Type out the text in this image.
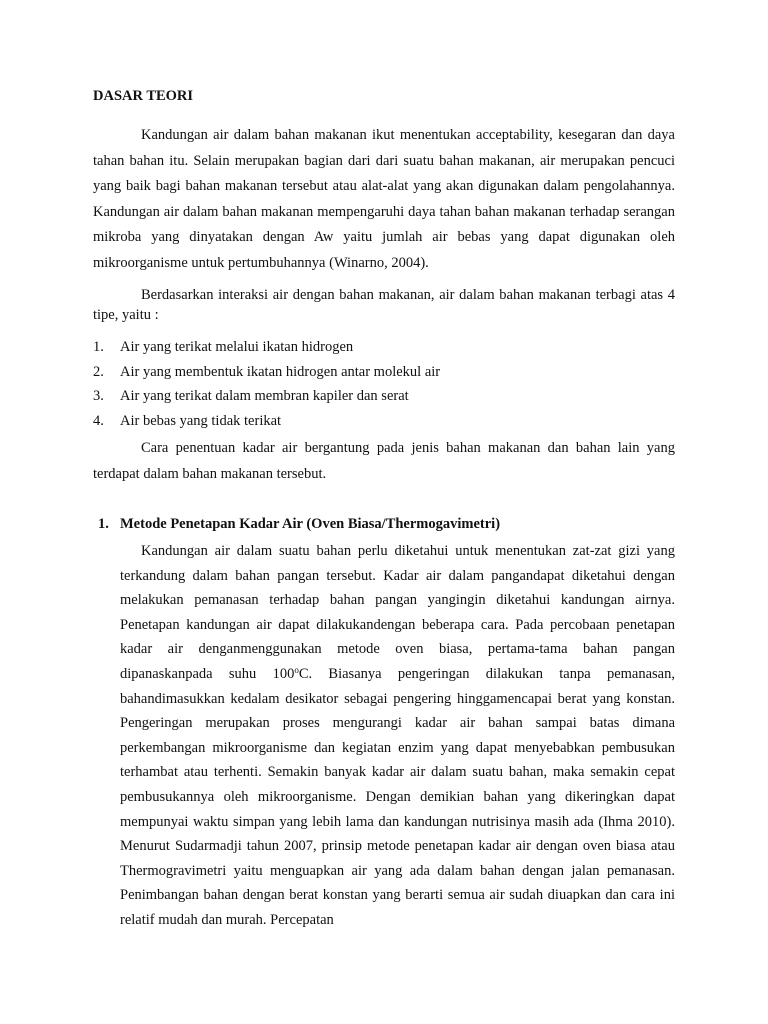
DASAR TEORI

Kandungan air dalam bahan makanan ikut menentukan acceptability, kesegaran dan daya tahan bahan itu. Selain merupakan bagian dari dari suatu bahan makanan, air merupakan pencuci yang baik bagi bahan makanan tersebut atau alat-alat yang akan digunakan dalam pengolahannya. Kandungan air dalam bahan makanan mempengaruhi daya tahan bahan makanan terhadap serangan mikroba yang dinyatakan dengan Aw yaitu jumlah air bebas yang dapat digunakan oleh mikroorganisme untuk pertumbuhannya (Winarno, 2004).

Berdasarkan interaksi air dengan bahan makanan, air dalam bahan makanan terbagi atas 4 tipe, yaitu :

1. Air yang terikat melalui ikatan hidrogen
2. Air yang membentuk ikatan hidrogen antar molekul air
3. Air yang terikat dalam membran kapiler dan serat
4. Air bebas yang tidak terikat

Cara penentuan kadar air bergantung pada jenis bahan makanan dan bahan lain yang terdapat dalam bahan makanan tersebut.

1. Metode Penetapan Kadar Air (Oven Biasa/Thermogavimetri)

Kandungan air dalam suatu bahan perlu diketahui untuk menentukan zat-zat gizi yang terkandung dalam bahan pangan tersebut. Kadar air dalam pangandapat diketahui dengan melakukan pemanasan terhadap bahan pangan yangingin diketahui kandungan airnya. Penetapan kandungan air dapat dilakukandengan beberapa cara. Pada percobaan penetapan kadar air denganmenggunakan metode oven biasa, pertama-tama bahan pangan dipanaskanpada suhu 100$^o$C. Biasanya pengeringan dilakukan tanpa pemanasan, bahandimasukkan kedalam desikator sebagai pengering hinggamencapai berat yang konstan. Pengeringan merupakan proses mengurangi kadar air bahan sampai batas dimana perkembangan mikroorganisme dan kegiatan enzim yang dapat menyebabkan pembusukan terhambat atau terhenti. Semakin banyak kadar air dalam suatu bahan, maka semakin cepat pembusukannya oleh mikroorganisme. Dengan demikian bahan yang dikeringkan dapat mempunyai waktu simpan yang lebih lama dan kandungan nutrisinya masih ada (Ihma 2010). Menurut Sudarmadji tahun 2007, prinsip metode penetapan kadar air dengan oven biasa atau Thermogravimetri yaitu menguapkan air yang ada dalam bahan dengan jalan pemanasan. Penimbangan bahan dengan berat konstan yang berarti semua air sudah diuapkan dan cara ini relatif mudah dan murah. Percepatan
